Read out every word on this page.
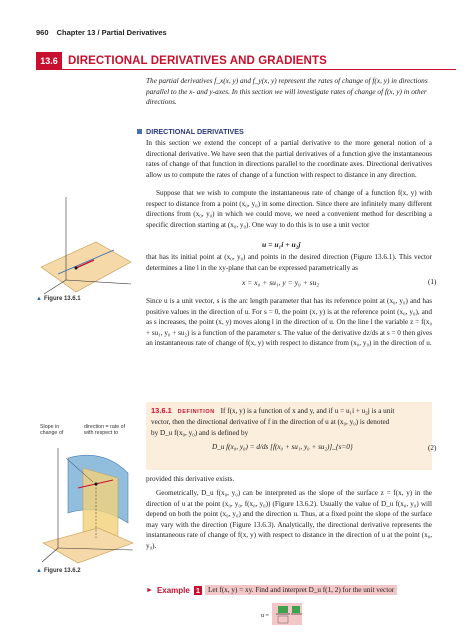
960 Chapter 13 / Partial Derivatives
13.6 DIRECTIONAL DERIVATIVES AND GRADIENTS
The partial derivatives f_x(x, y) and f_y(x, y) represent the rates of change of f(x, y) in directions parallel to the x- and y-axes. In this section we will investigate rates of change of f(x, y) in other directions.
DIRECTIONAL DERIVATIVES
In this section we extend the concept of a partial derivative to the more general notion of a directional derivative. We have seen that the partial derivatives of a function give the instantaneous rates of change of that function in directions parallel to the coordinate axes. Directional derivatives allow us to compute the rates of change of a function with respect to distance in any direction.
Suppose that we wish to compute the instantaneous rate of change of a function f(x, y) with respect to distance from a point (x₀, y₀) in some direction. Since there are infinitely many different directions from (x₀, y₀) in which we could move, we need a convenient method for describing a specific direction starting at (x₀, y₀). One way to do this is to use a unit vector
u = u₁i + u₂j
that has its initial point at (x₀, y₀) and points in the desired direction (Figure 13.6.1). This vector determines a line l in the xy-plane that can be expressed parametrically as
x = x₀ + su₁, y = y₀ + su₂	(1)
Since u is a unit vector, s is the arc length parameter that has its reference point at (x₀, y₀) and has positive values in the direction of u. For s = 0, the point (x, y) is at the reference point (x₀, y₀), and as s increases, the point (x, y) moves along l in the direction of u. On the line l the variable z = f(x₀ + su₁, y₀ + su₂) is a function of the parameter s. The value of the derivative dz/ds at s = 0 then gives an instantaneous rate of change of f(x, y) with respect to distance from (x₀, y₀) in the direction of u.
▲ Figure 13.6.1
13.6.1 DEFINITION If f(x, y) is a function of x and y, and if u = u₁i + u₂j is a unit
vector, then the directional derivative of f in the direction of u at (x₀, y₀) is denoted
by D_u f(x₀, y₀) and is defined by
D_u f(x₀, y₀) = d/ds [f(x₀ + su₁, y₀ + su₂)]_{s=0}	(2)
provided this derivative exists.
Slope in
change of
direction = rate of
with respect to
▲ Figure 13.6.2
Geometrically, D_u f(x₀, y₀) can be interpreted as the slope of the surface z = f(x, y) in the direction of u at the point (x₀, y₀, f(x₀, y₀)) (Figure 13.6.2). Usually the value of D_u f(x₀, y₀) will depend on both the point (x₀, y₀) and the direction u. Thus, at a fixed point the slope of the surface may vary with the direction (Figure 13.6.3). Analytically, the directional derivative represents the instantaneous rate of change of f(x, y) with respect to distance in the direction of u at the point (x₀, y₀).
► Example 1	Let f(x, y) = xy. Find and interpret D_u f(1, 2) for the unit vector
u =
